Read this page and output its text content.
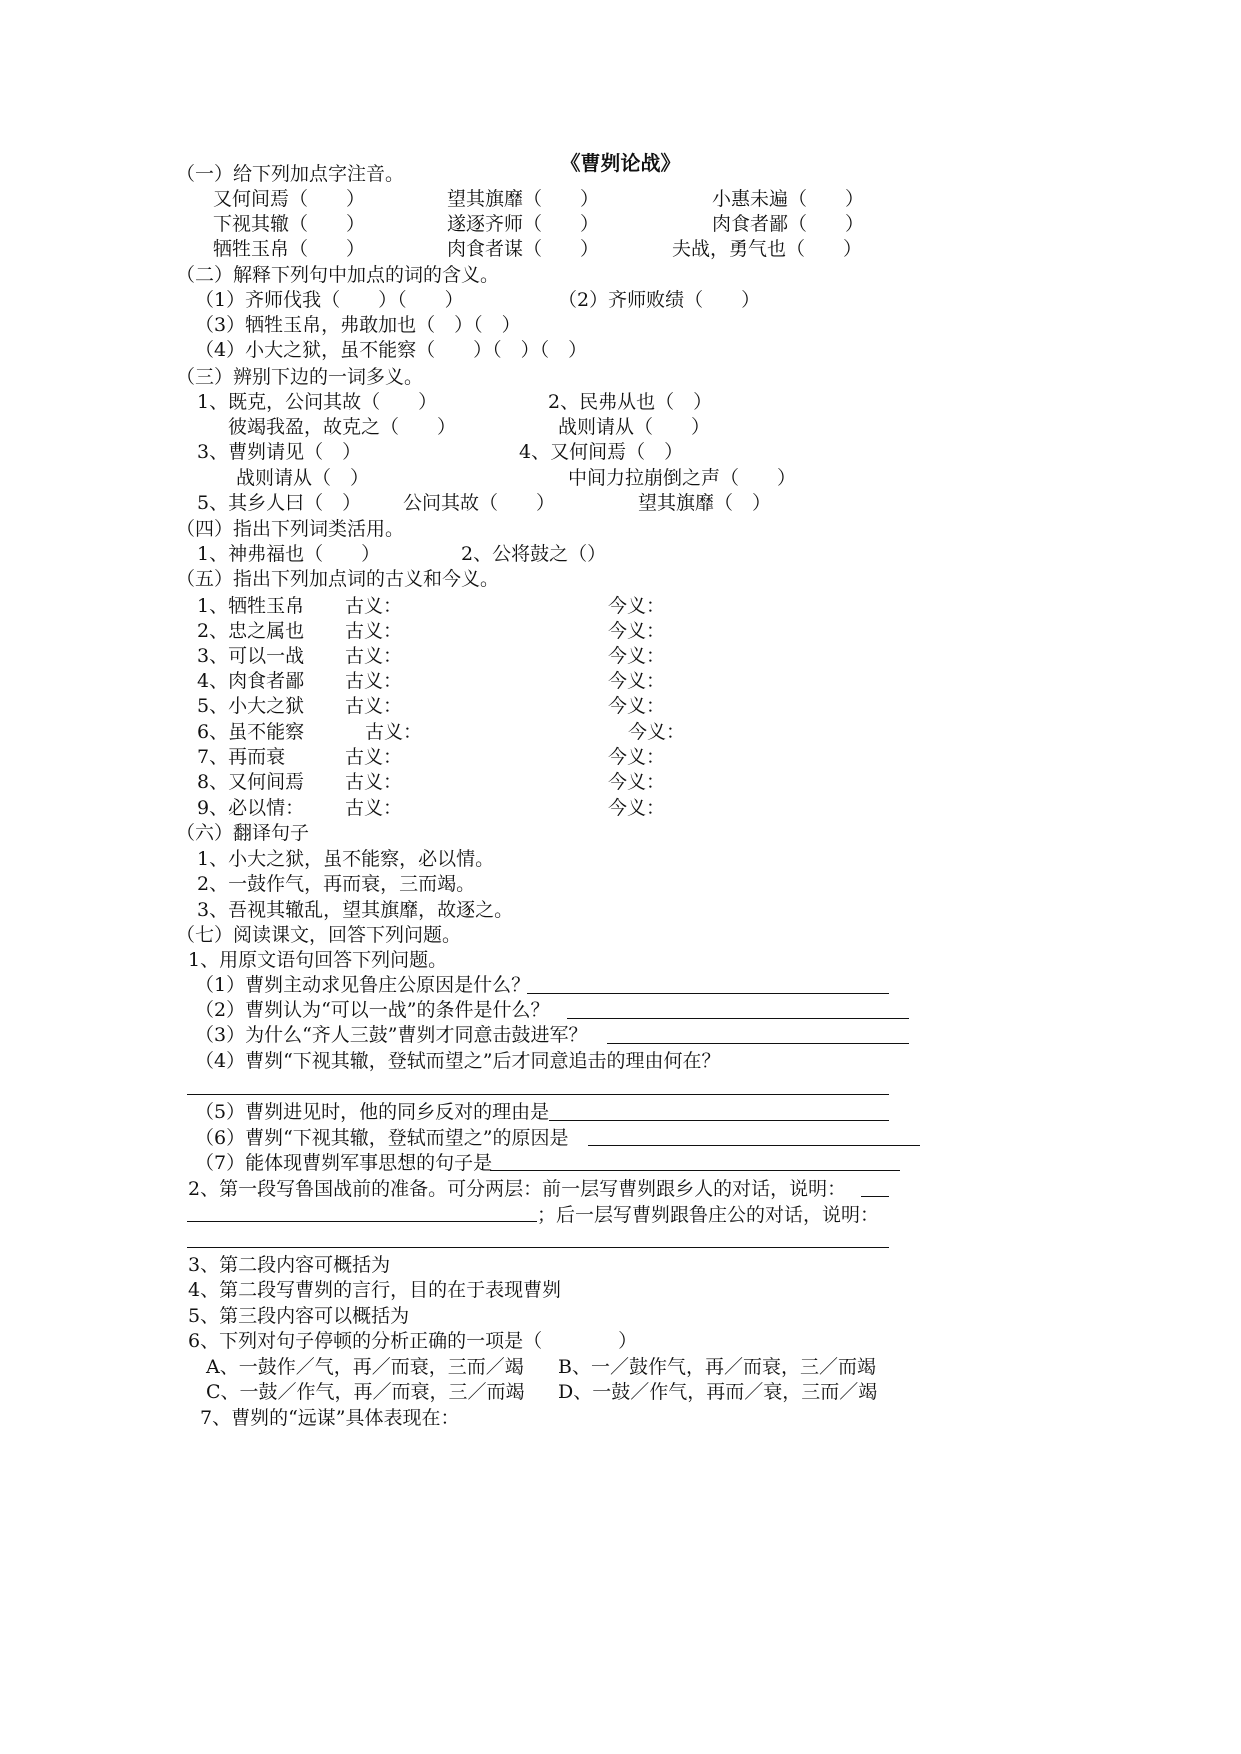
《曹刿论战》
（一）给下列加点字注音。
又何间焉（　　）	望其旗靡（　　）	小惠未遍（　　）
下视其辙（　　）	遂逐齐师（　　）	肉食者鄙（　　）
牺牲玉帛（　　）	肉食者谋（　　）	夫战，勇气也（　　）
（二）解释下列句中加点的词的含义。
（1）齐师伐我（　　）（　　）	（2）齐师败绩（　　）
（3）牺牲玉帛，弗敢加也（　）（　）
（4）小大之狱，虽不能察（　　）（　）（　）
（三）辨别下边的一词多义。
1、既克，公问其故（　　）	2、民弗从也（　）
彼竭我盈，故克之（　　）	战则请从（　　）
3、曹刿请见（　）	4、又何间焉（　）
战则请从（　）	中间力拉崩倒之声（　　）
5、其乡人曰（　） 公问其故（　　）	望其旗靡（　）
（四）指出下列词类活用。
1、神弗福也（　　）	2、公将鼓之（）
（五）指出下列加点词的古义和今义。
1、牺牲玉帛 古义：	今义：
2、忠之属也 古义：	今义：
3、可以一战 古义：	今义：
4、肉食者鄙 古义：	今义：
5、小大之狱 古义：	今义：
6、虽不能察	古义：	今义：
7、再而衰	古义：	今义：
8、又何间焉 古义：	今义：
9、必以情： 古义：	今义：
（六）翻译句子
1、小大之狱，虽不能察，必以情。
2、一鼓作气，再而衰，三而竭。
3、吾视其辙乱，望其旗靡，故逐之。
（七）阅读课文，回答下列问题。
1、用原文语句回答下列问题。
（1）曹刿主动求见鲁庄公原因是什么？
（2）曹刿认为“可以一战”的条件是什么？
（3）为什么“齐人三鼓”曹刿才同意击鼓进军？
（4）曹刿“下视其辙，登轼而望之”后才同意追击的理由何在？
（5）曹刿进见时，他的同乡反对的理由是
（6）曹刿“下视其辙，登轼而望之”的原因是
（7）能体现曹刿军事思想的句子是
2、第一段写鲁国战前的准备。可分两层：前一层写曹刿跟乡人的对话，说明：
；后一层写曹刿跟鲁庄公的对话，说明：
3、第二段内容可概括为
4、第二段写曹刿的言行，目的在于表现曹刿
5、第三段内容可以概括为
6、下列对句子停顿的分析正确的一项是（　　　　）
A、一鼓作／气，再／而衰，三而／竭 B、一／鼓作气，再／而衰，三／而竭
C、一鼓／作气，再／而衰，三／而竭 D、一鼓／作气，再而／衰，三而／竭
7、曹刿的“远谋”具体表现在：
